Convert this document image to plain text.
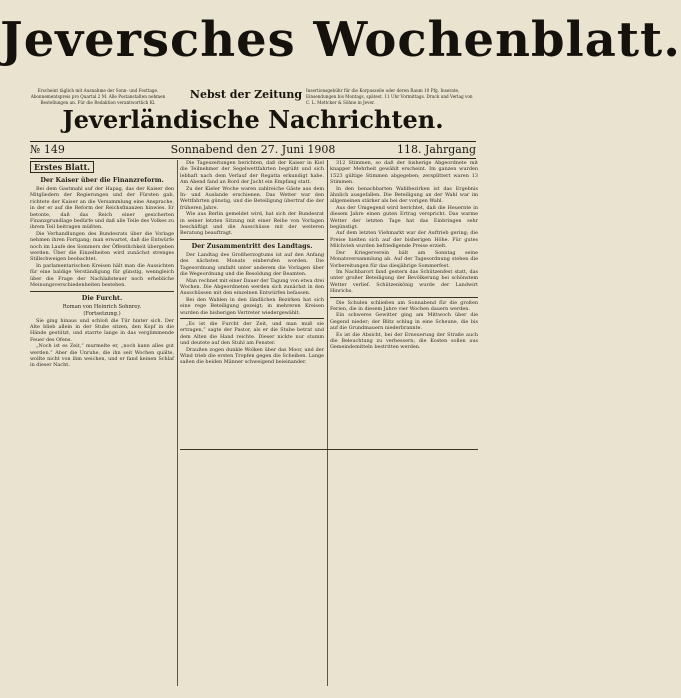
Jeversches Wochenblatt.
Erscheint täglich mit Ausnahme der Sonn- und Festtage. Abonnementspreis pro Quartal 2 M. Alle Postanstalten nehmen Bestellungen an. Für die Redaktion verantwortlich Kl.
Nebst der Zeitung Insertionsgebühr für die Korpuszeile oder deren Raum 10 Pfg. Inserate, Einsendungen bis Montags, spätest. 11 Uhr Vormittags. Druck und Verlag von C. L. Mettcker & Söhne in Jever.
Jeverländische Nachrichten.
№ 149	Sonnabend den 27. Juni 1908	118. Jahrgang
Erstes Blatt.
Der Kaiser über die Finanzreform.

Bei dem Gastmahl auf der Hapag, das der Kaiser den Mitgliedern der Regierungen und der Fürsten gab, richtete der Kaiser an die Versammlung eine Ansprache, in der er auf die Reform der Reichsfinanzen hinwies. Er betonte, daß das Reich einer gesicherten Finanzgrundlage bedürfe und daß alle Teile des Volkes zu ihrem Teil beitragen müßten.

Die Verhandlungen des Bundesrats über die Vorlage nehmen ihren Fortgang; man erwartet, daß die Entwürfe noch im Laufe des Sommers der Öffentlichkeit übergeben werden. Über die Einzelheiten wird zunächst strenges Stillschweigen beobachtet.

In parlamentarischen Kreisen hält man die Aussichten für eine baldige Verständigung für günstig, wenngleich über die Frage der Nachlaßsteuer noch erhebliche Meinungsverschiedenheiten bestehen.

Die Furcht.
Roman von Heinrich Sohnrey.
(Fortsetzung.)

Sie ging hinaus und schloß die Tür hinter sich. Der Alte blieb allein in der Stube sitzen, den Kopf in die Hände gestützt, und starrte lange in das verglimmende Feuer des Ofens.

„Noch ist es Zeit,“ murmelte er, „noch kann alles gut werden.“ Aber die Unruhe, die ihn seit Wochen quälte, wollte nicht von ihm weichen, und er fand keinen Schlaf in dieser Nacht.

Die Tageszeitungen berichten, daß der Kaiser in Kiel die Teilnehmer der Segelwettfahrten begrüßt und sich lebhaft nach dem Verlauf der Regatta erkundigt habe. Am Abend fand an Bord der Jacht ein Empfang statt.

Zu der Kieler Woche waren zahlreiche Gäste aus dem In- und Auslande erschienen. Das Wetter war den Wettfahrten günstig, und die Beteiligung übertraf die der früheren Jahre.

Wie aus Berlin gemeldet wird, hat sich der Bundesrat in seiner letzten Sitzung mit einer Reihe von Vorlagen beschäftigt und die Ausschüsse mit der weiteren Beratung beauftragt.

Der Zusammentritt des Landtags.

Der Landtag des Großherzogtums ist auf den Anfang des nächsten Monats einberufen worden. Die Tagesordnung umfaßt unter anderem die Vorlagen über die Wegeordnung und die Besoldung der Beamten.

Man rechnet mit einer Dauer der Tagung von etwa drei Wochen. Die Abgeordneten werden sich zunächst in den Ausschüssen mit den einzelnen Entwürfen befassen.

Bei den Wahlen in den ländlichen Bezirken hat sich eine rege Beteiligung gezeigt; in mehreren Kreisen wurden die bisherigen Vertreter wiedergewählt.

„Es ist die Furcht der Zeit, und man muß sie ertragen,“ sagte der Pastor, als er die Stube betrat und dem Alten die Hand reichte. Dieser nickte nur stumm und deutete auf den Stuhl am Fenster.

Draußen zogen dunkle Wolken über das Moor, und der Wind trieb die ersten Tropfen gegen die Scheiben. Lange saßen die beiden Männer schweigend beieinander.

312 Stimmen, so daß der bisherige Abgeordnete mit knapper Mehrheit gewählt erscheint. Im ganzen wurden 1523 gültige Stimmen abgegeben; zersplittert waren 13 Stimmen.

In den benachbarten Wahlbezirken ist das Ergebnis ähnlich ausgefallen. Die Beteiligung an der Wahl war im allgemeinen stärker als bei der vorigen Wahl.

Aus der Umgegend wird berichtet, daß die Heuernte in diesem Jahre einen guten Ertrag verspricht. Das warme Wetter der letzten Tage hat das Einbringen sehr begünstigt.

Auf dem letzten Viehmarkt war der Auftrieb gering; die Preise hielten sich auf der bisherigen Höhe. Für gutes Milchvieh wurden befriedigende Preise erzielt.

Der Kriegerverein hält am Sonntag seine Monatsversammlung ab. Auf der Tagesordnung stehen die Vorbereitungen für das diesjährige Sommerfest.

Im Nachbarort fand gestern das Schützenfest statt, das unter großer Beteiligung der Bevölkerung bei schönstem Wetter verlief. Schützenkönig wurde der Landwirt Hinrichs.

Die Schulen schließen am Sonnabend für die großen Ferien, die in diesem Jahre vier Wochen dauern werden.

Ein schweres Gewitter ging am Mittwoch über die Gegend nieder; der Blitz schlug in eine Scheune, die bis auf die Grundmauern niederbrannte.

Es ist die Absicht, bei der Erneuerung der Straße auch die Beleuchtung zu verbessern; die Kosten sollen aus Gemeindemitteln bestritten werden.
